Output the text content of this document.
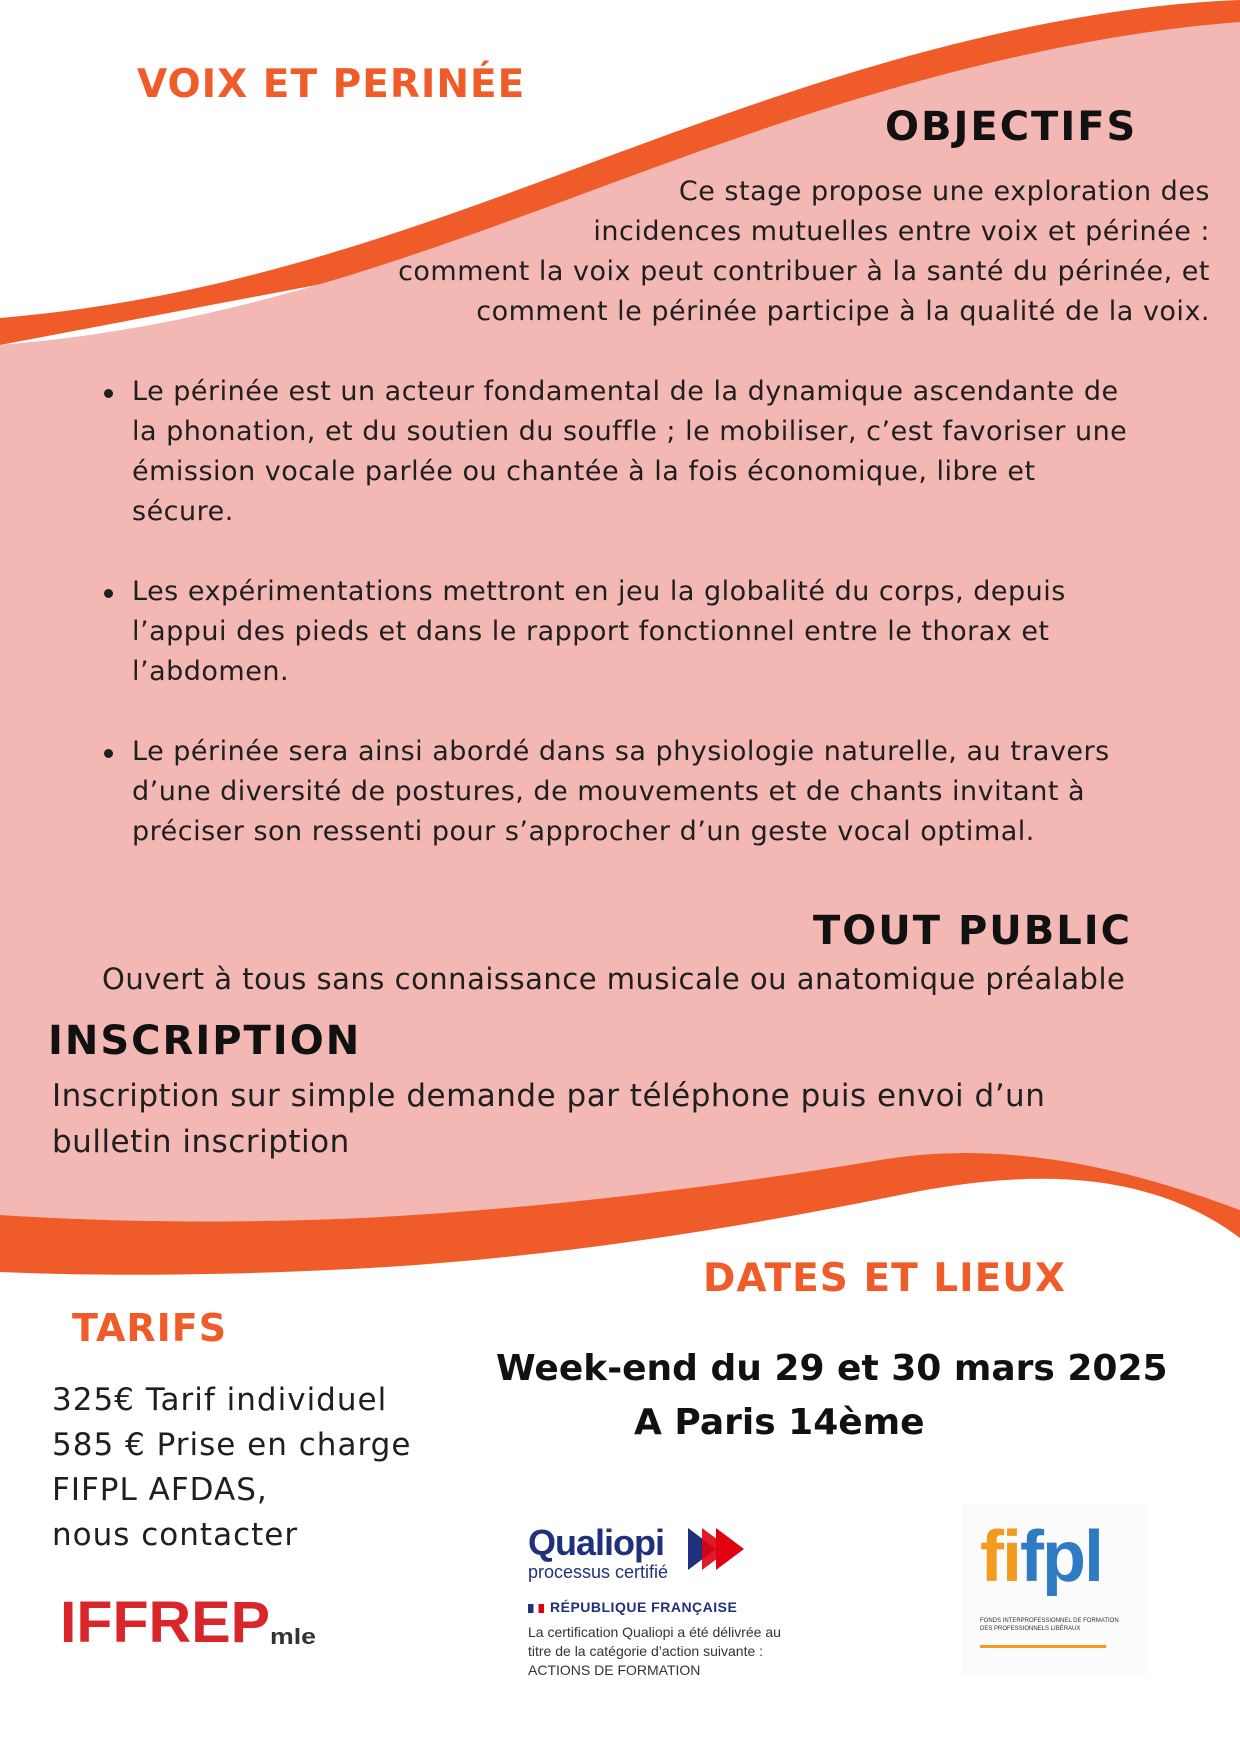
VOIX ET PERINÉE
OBJECTIFS
Ce stage propose une exploration des
incidences mutuelles entre voix et périnée :
comment la voix peut contribuer à la santé du périnée, et
comment le périnée participe à la qualité de la voix.
Le périnée est un acteur fondamental de la dynamique ascendante de
la phonation, et du soutien du souffle ; le mobiliser, c’est favoriser une
émission vocale parlée ou chantée à la fois économique, libre et
sécure.
Les expérimentations mettront en jeu la globalité du corps, depuis
l’appui des pieds et dans le rapport fonctionnel entre le thorax et
l’abdomen.
Le périnée sera ainsi abordé dans sa physiologie naturelle, au travers
d’une diversité de postures, de mouvements et de chants invitant à
préciser son ressenti pour s’approcher d’un geste vocal optimal.
TOUT PUBLIC

Ouvert à tous sans connaissance musicale ou anatomique préalable

INSCRIPTION
Inscription sur simple demande par téléphone puis envoi d’un
bulletin inscription
DATES ET LIEUX
Week-end du 29 et 30 mars 2025
A Paris 14ème
TARIFS
325€ Tarif individuel
585 € Prise en charge
FIFPL AFDAS,
nous contacter
IFFREP mle
Qualiopi
processus certifié
RÉPUBLIQUE FRANÇAISE
La certification Qualiopi a été délivrée au
titre de la catégorie d’action suivante :
ACTIONS DE FORMATION
fifpl
FONDS INTERPROFESSIONNEL DE FORMATION
DES PROFESSIONNELS LIBÉRAUX
